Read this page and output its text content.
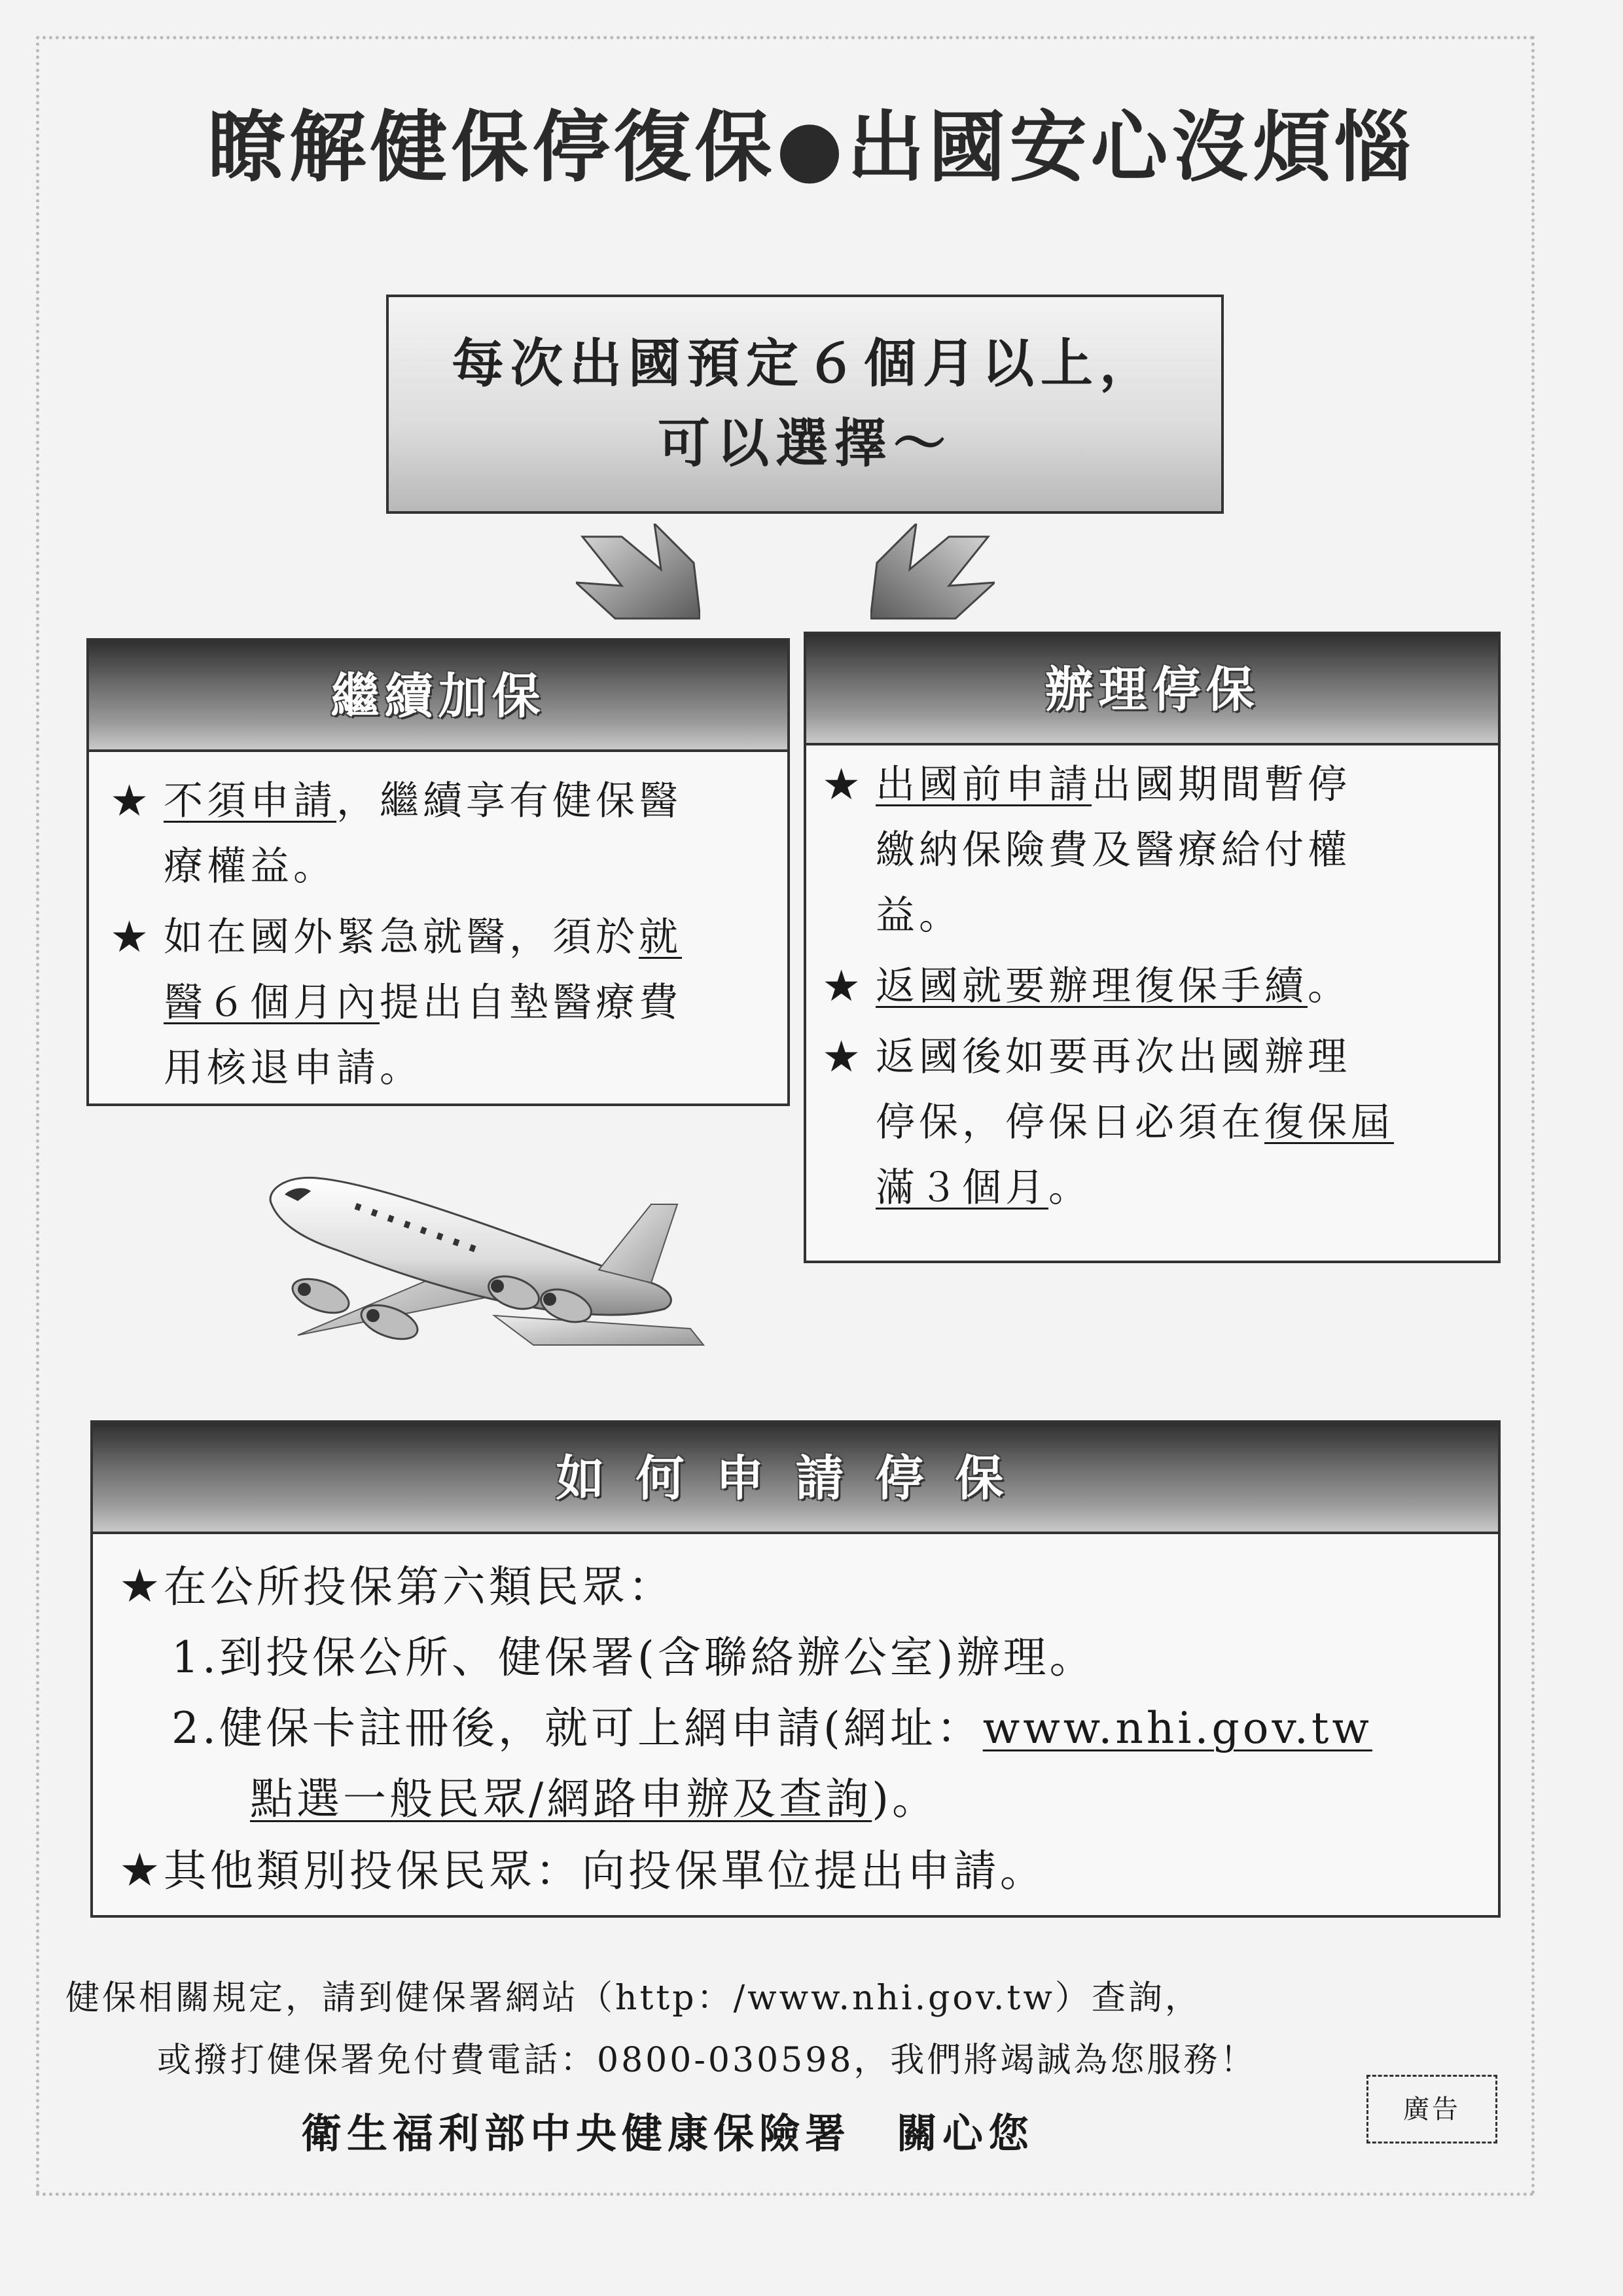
瞭解健保停復保●出國安心沒煩惱
每次出國預定６個月以上，
可以選擇～
繼續加保
★ 不須申請，繼續享有健保醫
療權益。
★ 如在國外緊急就醫，須於就
醫６個月內提出自墊醫療費
用核退申請。
辦理停保
★ 出國前申請出國期間暫停
繳納保險費及醫療給付權
益。
★ 返國就要辦理復保手續。
★ 返國後如要再次出國辦理
停保，停保日必須在復保屆
滿３個月。
如何申請停保
★在公所投保第六類民眾：
1.到投保公所、健保署(含聯絡辦公室)辦理。
2.健保卡註冊後，就可上網申請(網址：www.nhi.gov.tw
點選一般民眾/網路申辦及查詢)。
★其他類別投保民眾：向投保單位提出申請。
健保相關規定，請到健保署網站（http：/www.nhi.gov.tw）查詢，
或撥打健保署免付費電話：0800-030598，我們將竭誠為您服務！
衛生福利部中央健康保險署　關心您	廣告
